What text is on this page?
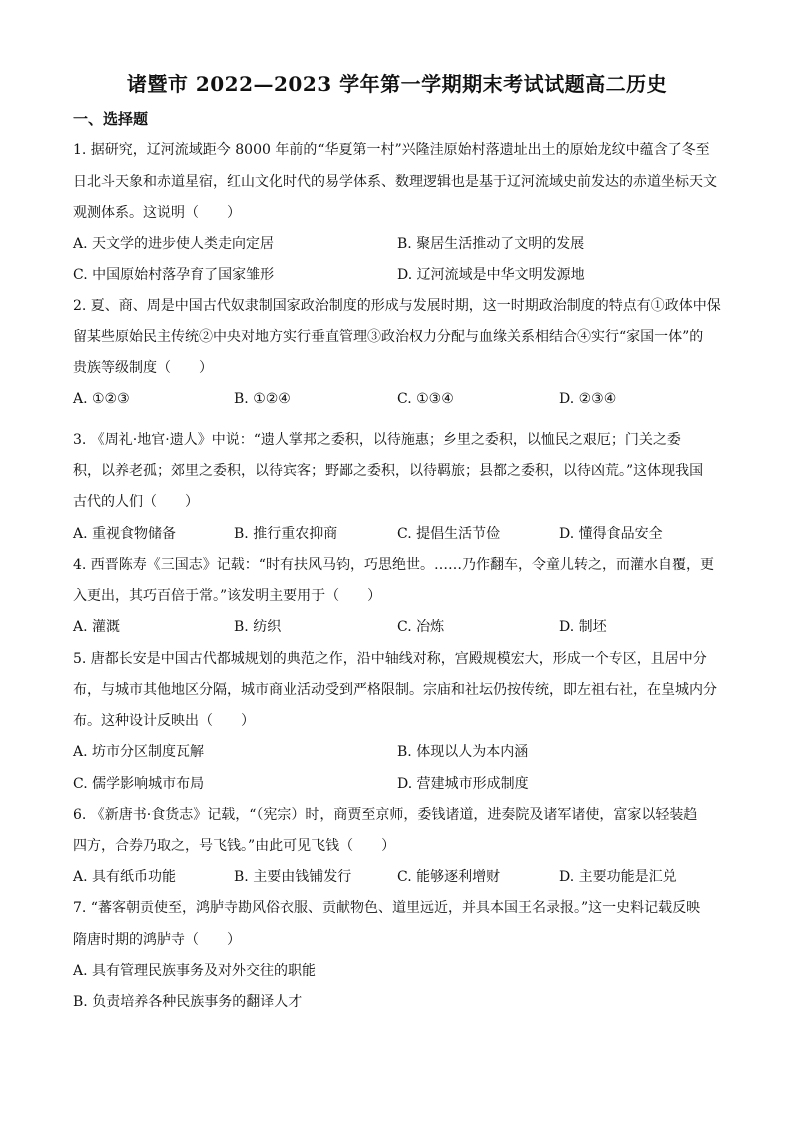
诸暨市 2022—2023 学年第一学期期末考试试题高二历史
一、选择题
1. 据研究，辽河流域距今 8000 年前的“华夏第一村”兴隆洼原始村落遗址出土的原始龙纹中蕴含了冬至
日北斗天象和赤道星宿，红山文化时代的易学体系、数理逻辑也是基于辽河流域史前发达的赤道坐标天文
观测体系。这说明（　　）
A. 天文学的进步使人类走向定居	B. 聚居生活推动了文明的发展
C. 中国原始村落孕育了国家雏形	D. 辽河流域是中华文明发源地
2. 夏、商、周是中国古代奴隶制国家政治制度的形成与发展时期，这一时期政治制度的特点有①政体中保
留某些原始民主传统②中央对地方实行垂直管理③政治权力分配与血缘关系相结合④实行“家国一体”的
贵族等级制度（　　）
A. ①②③	B. ①②④	C. ①③④	D. ②③④
3. 《周礼·地官·遗人》中说：“遗人掌邦之委积，以待施惠；乡里之委积，以恤民之艰厄；门关之委
积，以养老孤；郊里之委积，以待宾客；野鄙之委积，以待羁旅；县都之委积，以待凶荒。”这体现我国
古代的人们（　　）
A. 重视食物储备	B. 推行重农抑商	C. 提倡生活节俭	D. 懂得食品安全
4. 西晋陈寿《三国志》记载：“时有扶风马钧，巧思绝世。……乃作翻车，令童儿转之，而灌水自覆，更
入更出，其巧百倍于常。”该发明主要用于（　　）
A. 灌溉	B. 纺织	C. 冶炼	D. 制坯
5. 唐都长安是中国古代都城规划的典范之作，沿中轴线对称，宫殿规模宏大，形成一个专区，且居中分
布，与城市其他地区分隔，城市商业活动受到严格限制。宗庙和社坛仍按传统，即左祖右社，在皇城内分
布。这种设计反映出（　　）
A. 坊市分区制度瓦解	B. 体现以人为本内涵
C. 儒学影响城市布局	D. 营建城市形成制度
6. 《新唐书·食货志》记载，“（宪宗）时，商贾至京师，委钱诸道，进奏院及诸军诸使，富家以轻装趋
四方，合券乃取之，号飞钱。”由此可见飞钱（　　）
A. 具有纸币功能	B. 主要由钱铺发行	C. 能够逐利增财	D. 主要功能是汇兑
7. “蕃客朝贡使至，鸿胪寺勘风俗衣服、贡献物色、道里远近，并具本国王名录报。”这一史料记载反映
隋唐时期的鸿胪寺（　　）
A. 具有管理民族事务及对外交往的职能
B. 负责培养各种民族事务的翻译人才
